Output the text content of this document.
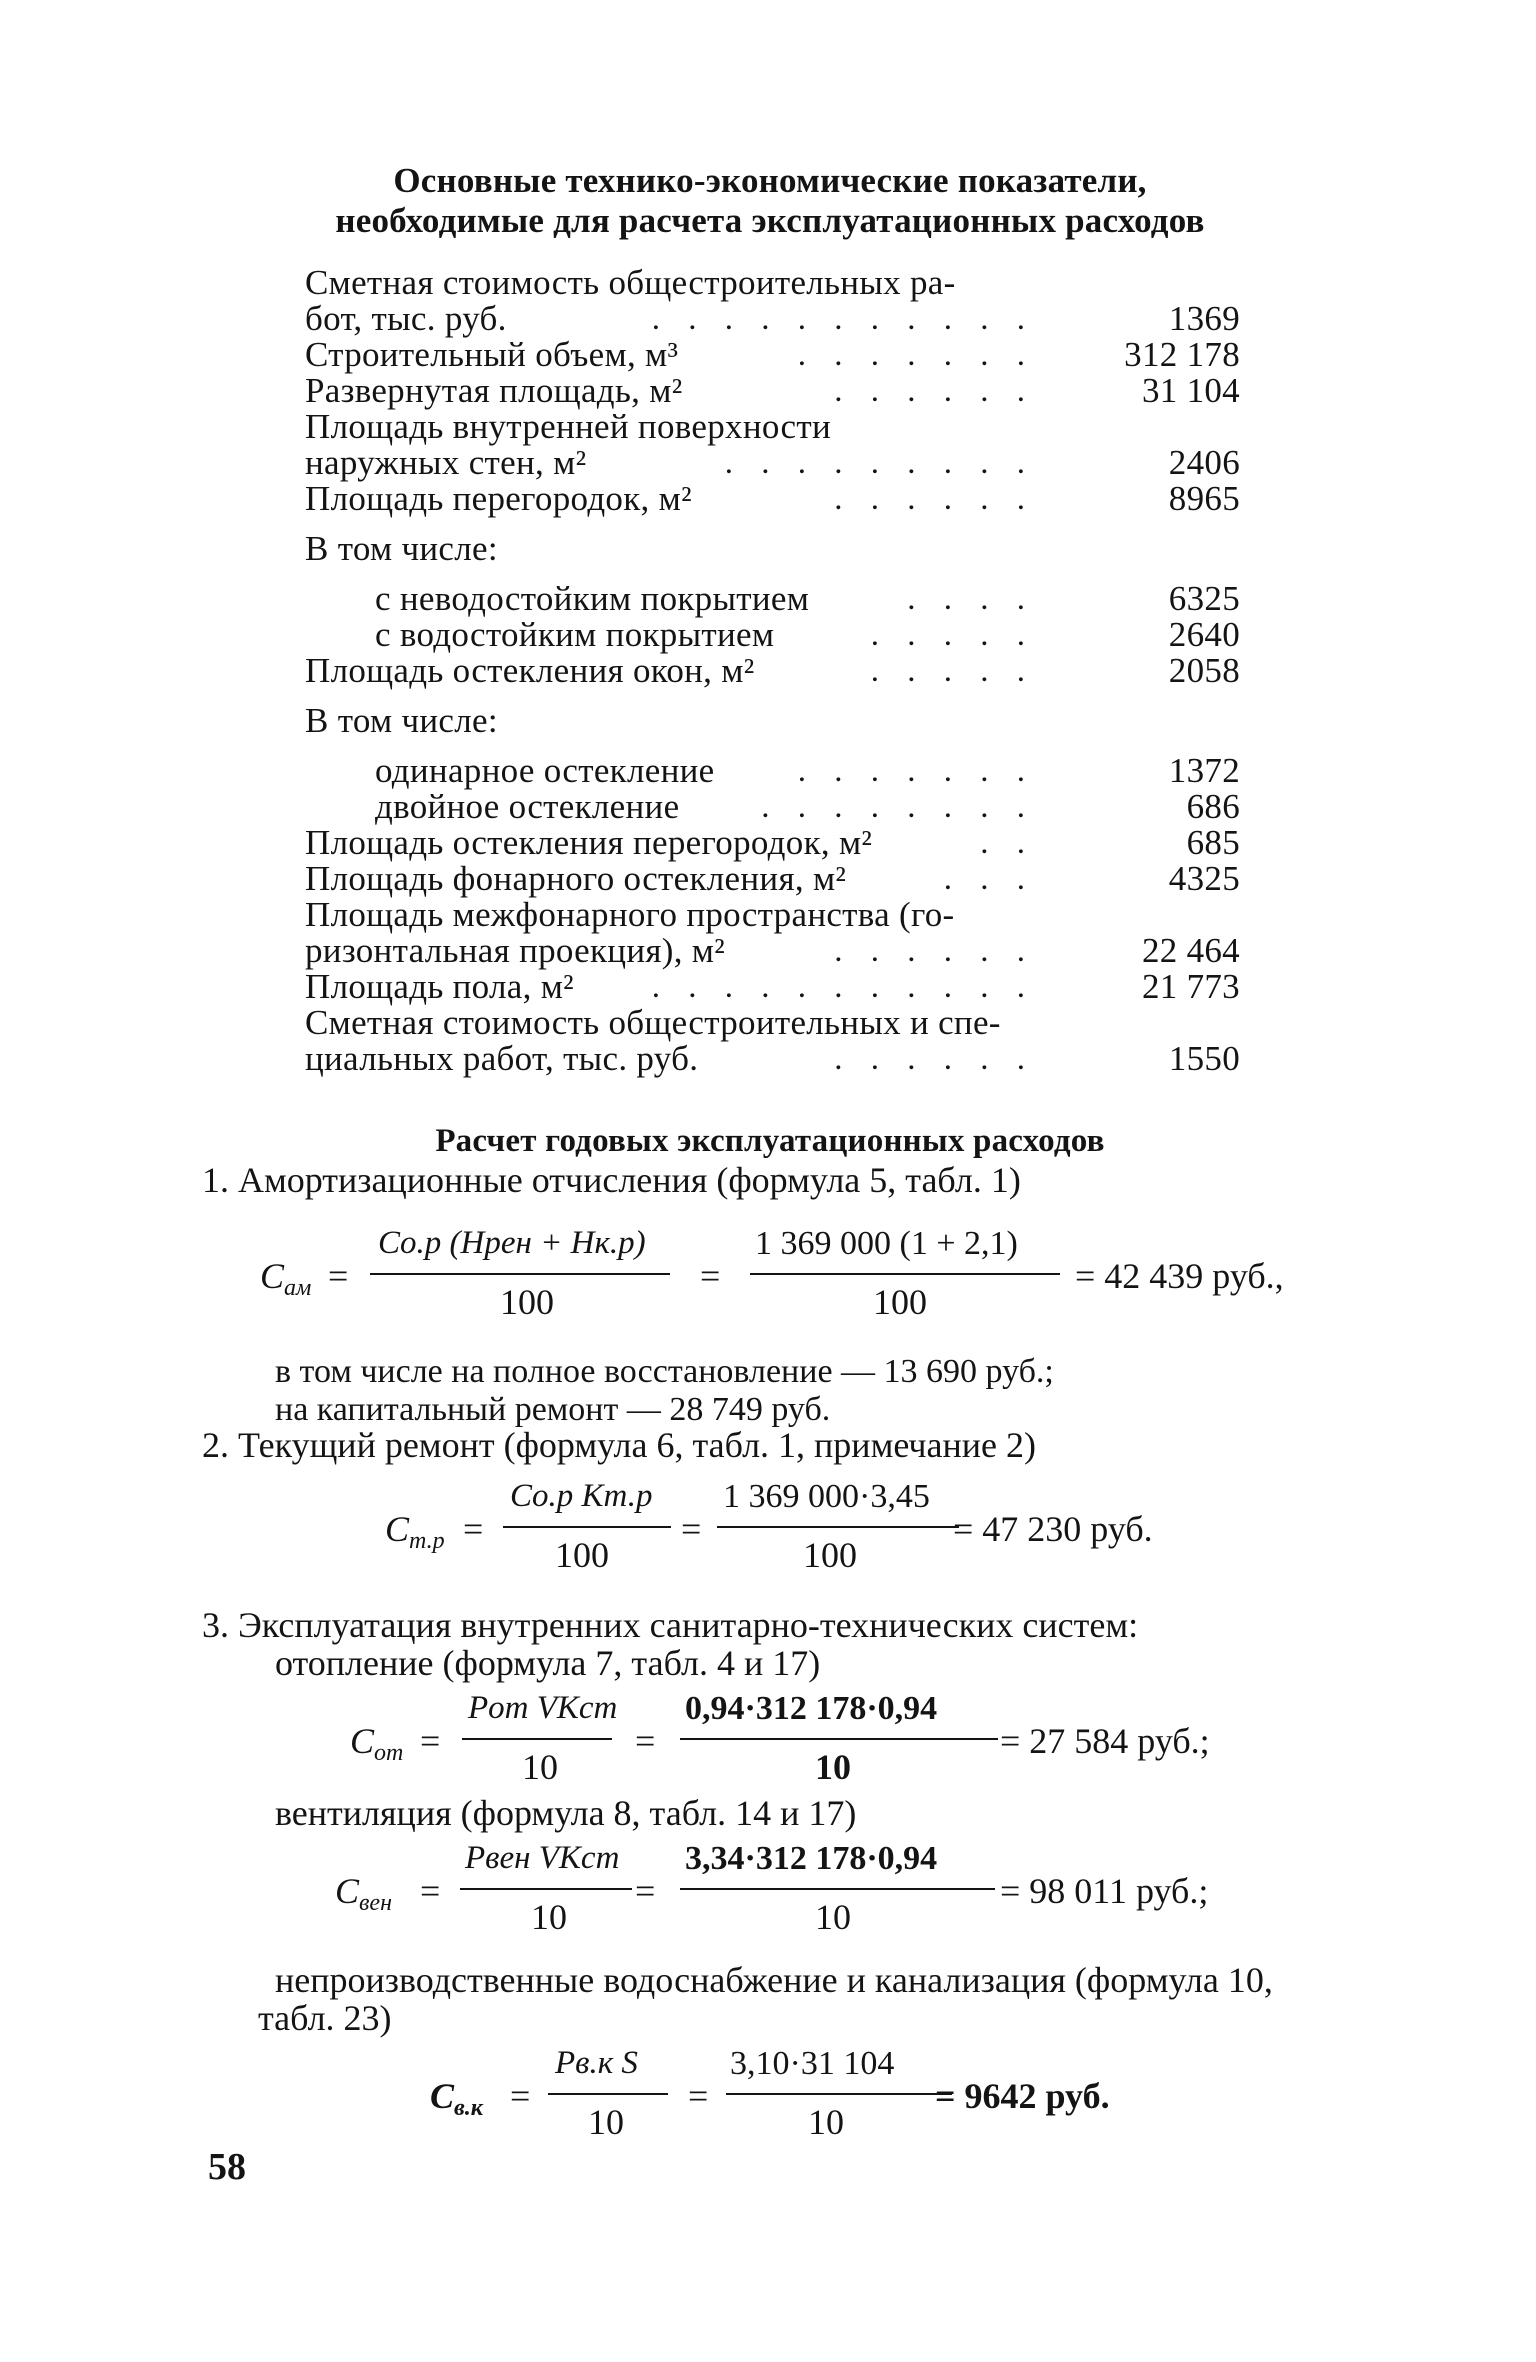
Основные технико-экономические показатели,
необходимые для расчета эксплуатационных расходов
Сметная стоимость общестроительных ра-
бот, тыс. руб.	. . . . . . . . . . .	1369
Строительный объем, м³	. . . . . . .	312 178
Развернутая площадь, м²	. . . . . .	31 104
Площадь внутренней поверхности
наружных стен, м²	. . . . . . . . .	2406
Площадь перегородок, м²	. . . . . .	8965
В том числе:
с неводостойким покрытием	. . . .	6325
с водостойким покрытием	. . . . .	2640
Площадь остекления окон, м²	. . . . .	2058
В том числе:
одинарное остекление	. . . . . . .	1372
двойное остекление . . . . . . . .	686
Площадь остекления перегородок, м²	. .	685
Площадь фонарного остекления, м²	. . .	4325
Площадь межфонарного пространства (го-
ризонтальная проекция), м²	. . . . . .	22 464
Площадь пола, м² . . . . . . . . . . .	21 773
Сметная стоимость общестроительных и спе-
циальных работ, тыс. руб.	. . . . . .	1550
Расчет годовых эксплуатационных расходов
1. Амортизационные отчисления (формула 5, табл. 1)
Cам =
Cо.р (Hрен + Hк.р)
100
=
1 369 000 (1 + 2,1)
100
= 42 439 руб.,
в том числе на полное восстановление — 13 690 руб.;
на капитальный ремонт — 28 749 руб.
2. Текущий ремонт (формула 6, табл. 1, примечание 2)
Cт.р =
Cо.р Kт.р
100
=
1 369 000·3,45
100
= 47 230 руб.
3. Эксплуатация внутренних санитарно-технических систем:
отопление (формула 7, табл. 4 и 17)
Cот =
Pот VKст
10
=
0,94·312 178·0,94
10
= 27 584 руб.;
вентиляция (формула 8, табл. 14 и 17)
Cвен =
Pвен VKст
10
=
3,34·312 178·0,94
10
= 98 011 руб.;
непроизводственные водоснабжение и канализация (формула 10,
табл. 23)
Cв.к =
Pв.к S
10
=
3,10·31 104
10
= 9642 руб.
58
